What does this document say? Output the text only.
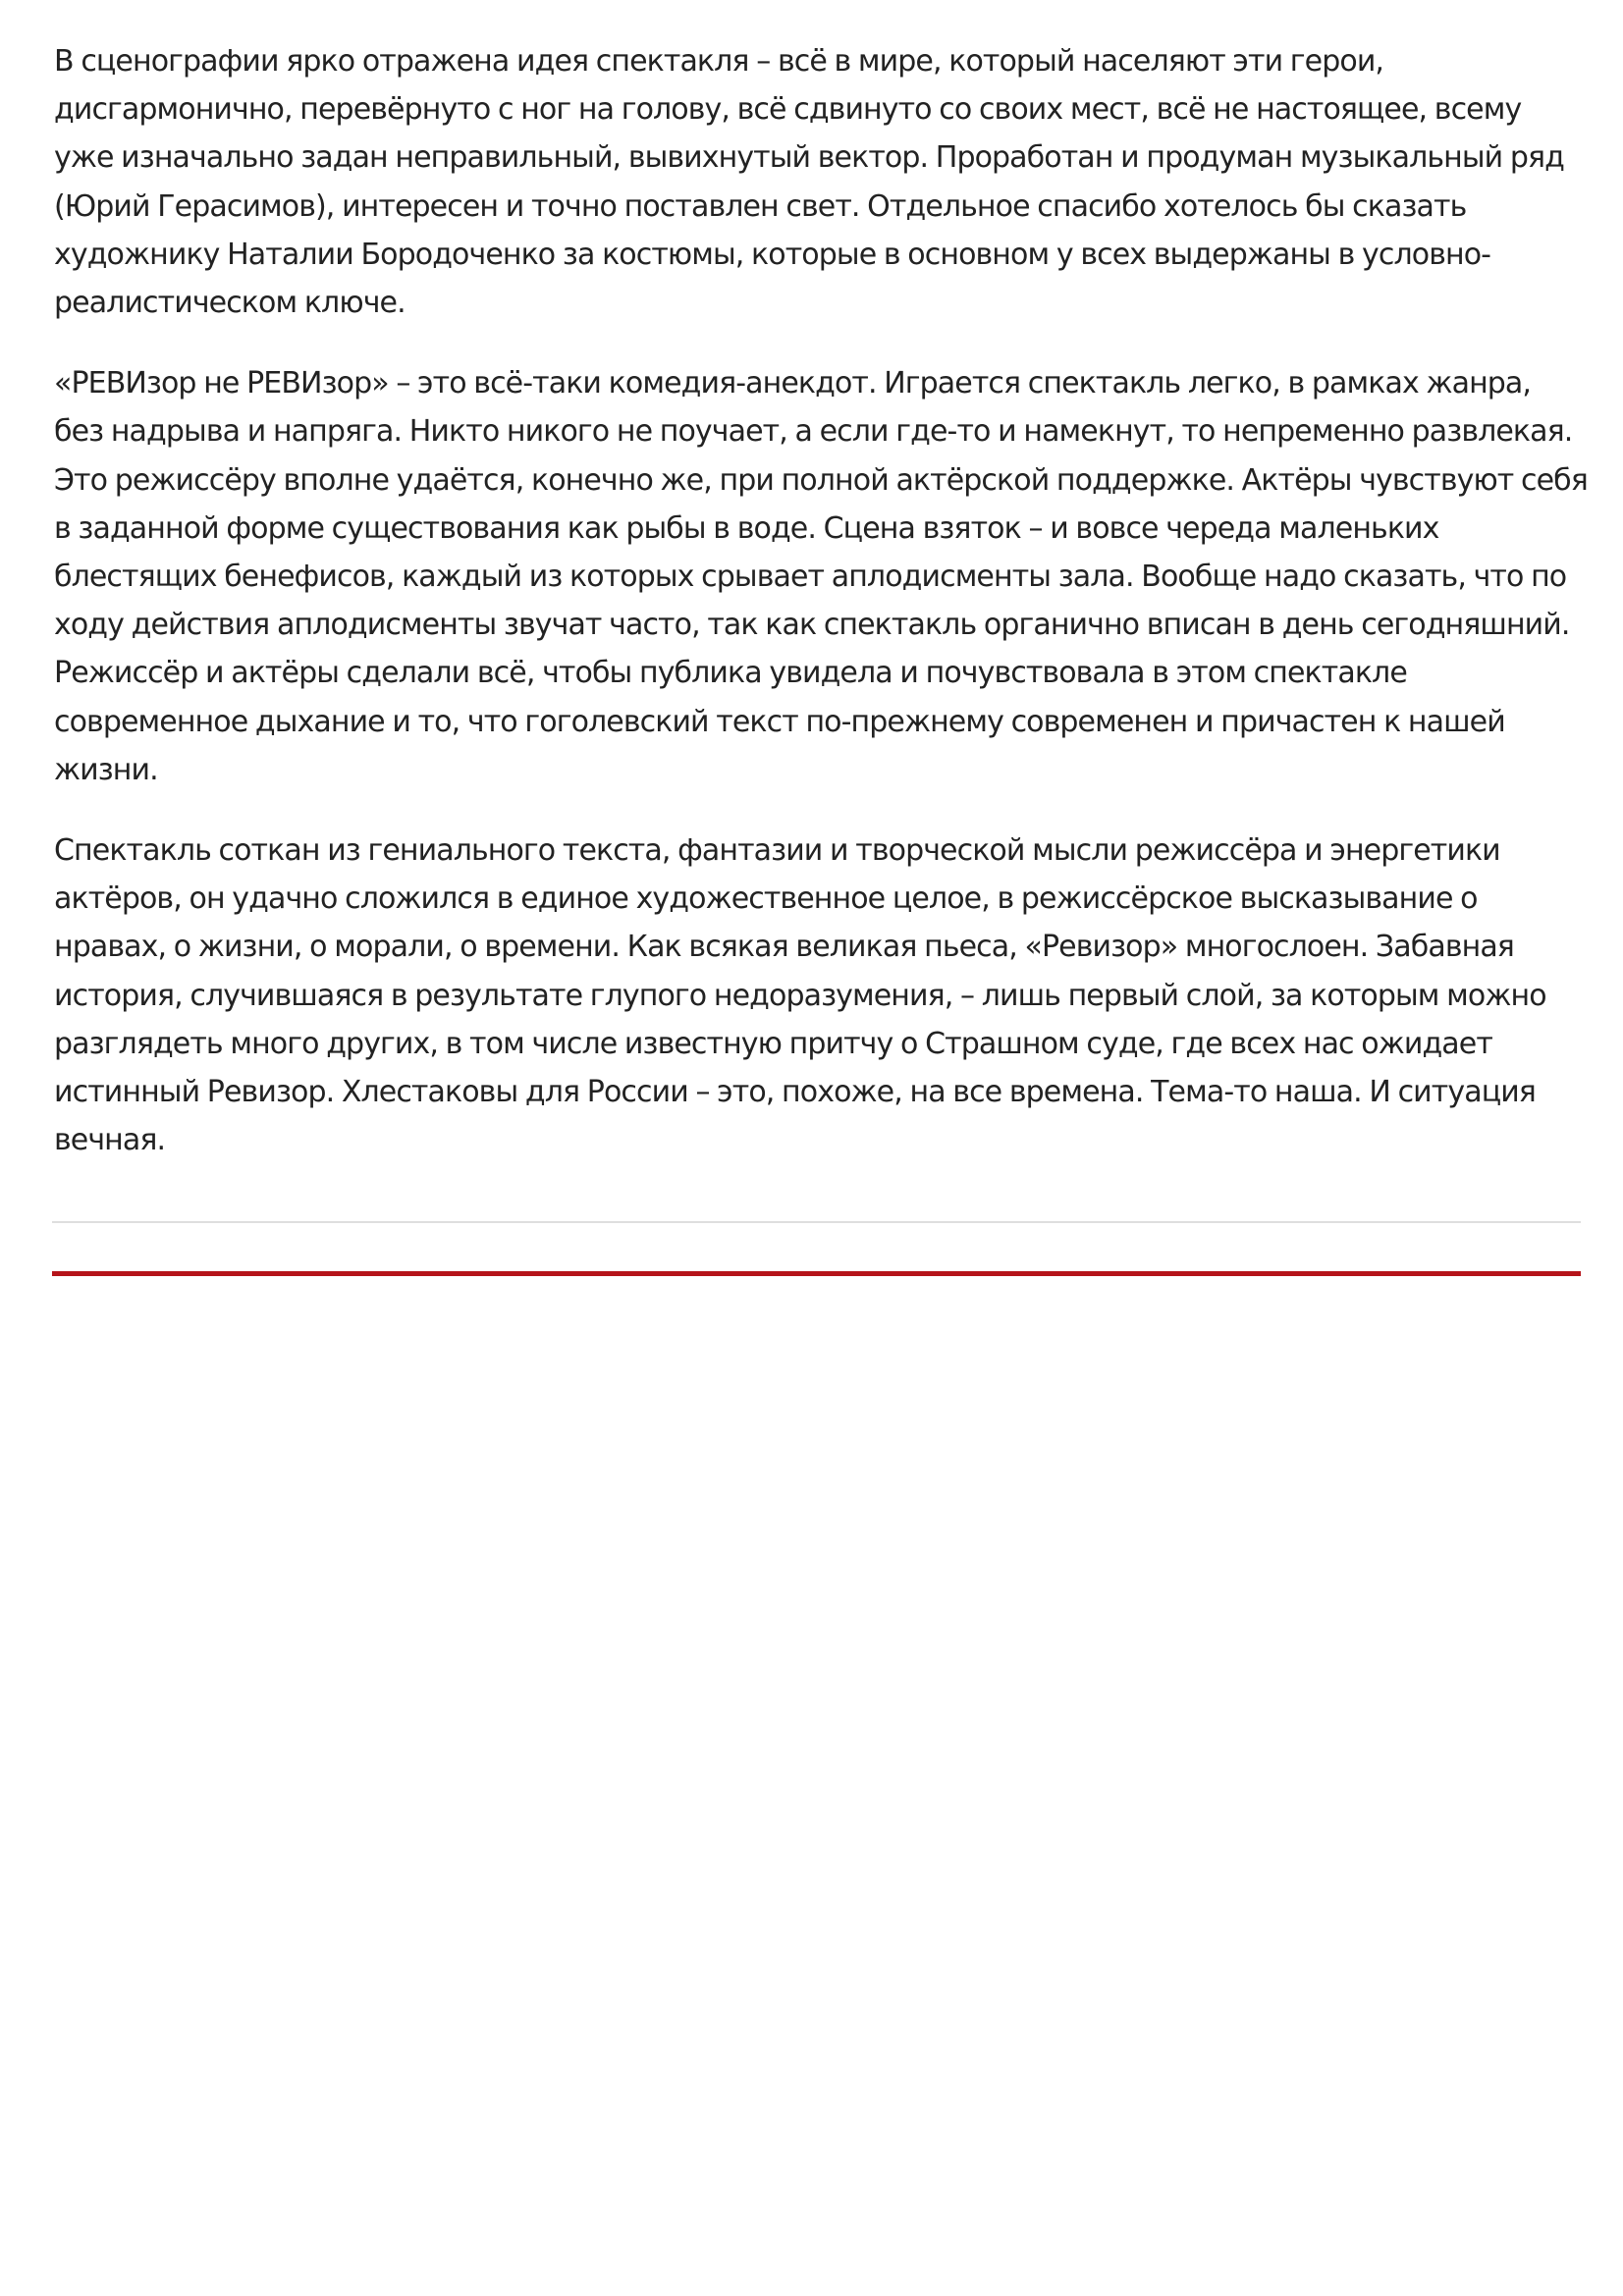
В сценографии ярко отражена идея спектакля – всё в мире, который населяют эти герои,
дисгармонично, перевёрнуто с ног на голову, всё сдвинуто со своих мест, всё не настоящее, всему
уже изначально задан неправильный, вывихнутый вектор. Проработан и продуман музыкальный ряд
(Юрий Герасимов), интересен и точно поставлен свет. Отдельное спасибо хотелось бы сказать
художнику Наталии Бородоченко за костюмы, которые в основном у всех выдержаны в условно-
реалистическом ключе.

«РЕВИзор не РЕВИзор» – это всё-таки комедия-анекдот. Играется спектакль легко, в рамках жанра,
без надрыва и напряга. Никто никого не поучает, а если где-то и намекнут, то непременно развлекая.
Это режиссёру вполне удаётся, конечно же, при полной актёрской поддержке. Актёры чувствуют себя
в заданной форме существования как рыбы в воде. Сцена взяток – и вовсе череда маленьких
блестящих бенефисов, каждый из которых срывает аплодисменты зала. Вообще надо сказать, что по
ходу действия аплодисменты звучат часто, так как спектакль органично вписан в день сегодняшний.
Режиссёр и актёры сделали всё, чтобы публика увидела и почувствовала в этом спектакле
современное дыхание и то, что гоголевский текст по-прежнему современен и причастен к нашей
жизни.

Спектакль соткан из гениального текста, фантазии и творческой мысли режиссёра и энергетики
актёров, он удачно сложился в единое художественное целое, в режиссёрское высказывание о
нравах, о жизни, о морали, о времени. Как всякая великая пьеса, «Ревизор» многослоен. Забавная
история, случившаяся в результате глупого недоразумения, – лишь первый слой, за которым можно
разглядеть много других, в том числе известную притчу о Страшном суде, где всех нас ожидает
истинный Ревизор. Хлестаковы для России – это, похоже, на все времена. Тема-то наша. И ситуация
вечная.
